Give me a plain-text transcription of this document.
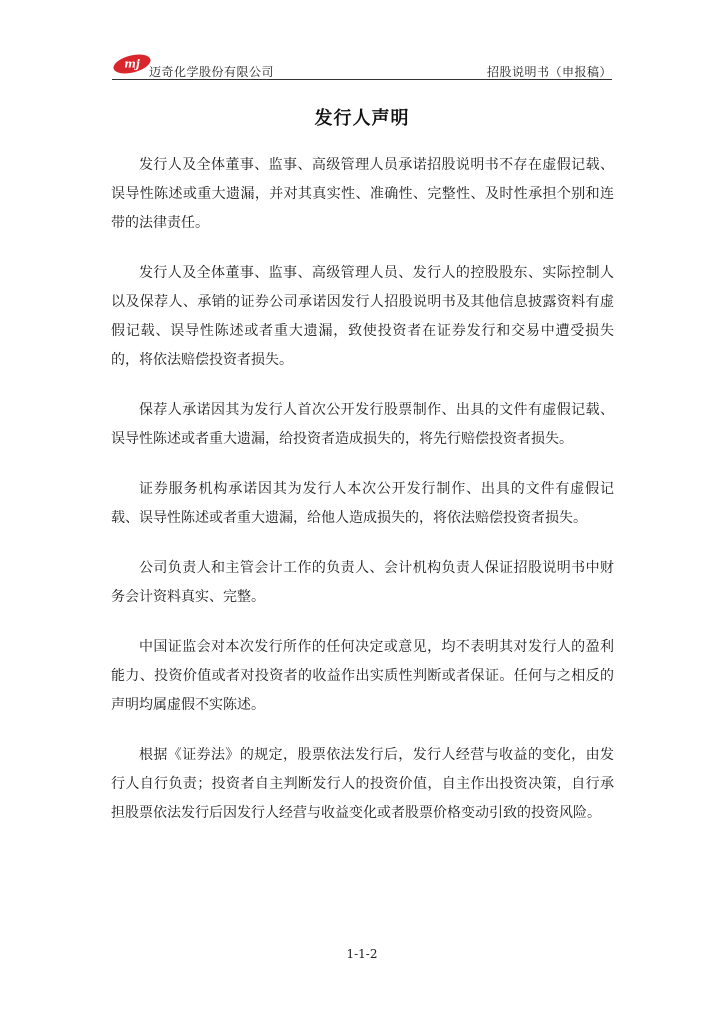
mj
迈奇化学股份有限公司	招股说明书（申报稿）
发行人声明

发行人及全体董事、监事、高级管理人员承诺招股说明书不存在虚假记载、误导性陈述或重大遗漏，并对其真实性、准确性、完整性、及时性承担个别和连带的法律责任。

发行人及全体董事、监事、高级管理人员、发行人的控股股东、实际控制人以及保荐人、承销的证券公司承诺因发行人招股说明书及其他信息披露资料有虚假记载、误导性陈述或者重大遗漏，致使投资者在证券发行和交易中遭受损失的，将依法赔偿投资者损失。

保荐人承诺因其为发行人首次公开发行股票制作、出具的文件有虚假记载、误导性陈述或者重大遗漏，给投资者造成损失的，将先行赔偿投资者损失。

证券服务机构承诺因其为发行人本次公开发行制作、出具的文件有虚假记载、误导性陈述或者重大遗漏，给他人造成损失的，将依法赔偿投资者损失。

公司负责人和主管会计工作的负责人、会计机构负责人保证招股说明书中财务会计资料真实、完整。

中国证监会对本次发行所作的任何决定或意见，均不表明其对发行人的盈利能力、投资价值或者对投资者的收益作出实质性判断或者保证。任何与之相反的声明均属虚假不实陈述。

根据《证券法》的规定，股票依法发行后，发行人经营与收益的变化，由发行人自行负责；投资者自主判断发行人的投资价值，自主作出投资决策，自行承担股票依法发行后因发行人经营与收益变化或者股票价格变动引致的投资风险。

1-1-2
